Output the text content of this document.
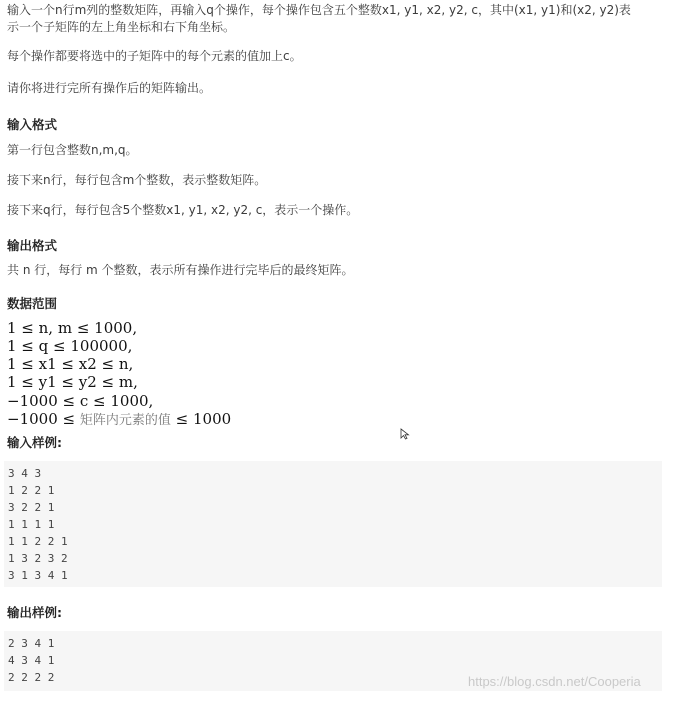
输入一个n行m列的整数矩阵，再输入q个操作，每个操作包含五个整数x1, y1, x2, y2, c，其中(x1, y1)和(x2, y2)表

示一个子矩阵的左上角坐标和右下角坐标。

每个操作都要将选中的子矩阵中的每个元素的值加上c。

请你将进行完所有操作后的矩阵输出。

输入格式

第一行包含整数n,m,q。

接下来n行，每行包含m个整数，表示整数矩阵。

接下来q行，每行包含5个整数x1, y1, x2, y2, c，表示一个操作。

输出格式

共 n 行，每行 m 个整数，表示所有操作进行完毕后的最终矩阵。

数据范围
1 ≤ n, m ≤ 1000,
1 ≤ q ≤ 100000,
1 ≤ x1 ≤ x2 ≤ n,
1 ≤ y1 ≤ y2 ≤ m,
−1000 ≤ c ≤ 1000,
−1000 ≤ 矩阵内元素的值 ≤ 1000
输入样例:
3 4 3
1 2 2 1
3 2 2 1
1 1 1 1
1 1 2 2 1
1 3 2 3 2
3 1 3 4 1
输出样例:
2 3 4 1
4 3 4 1
2 2 2 2	https://blog.csdn.net/Cooperia
